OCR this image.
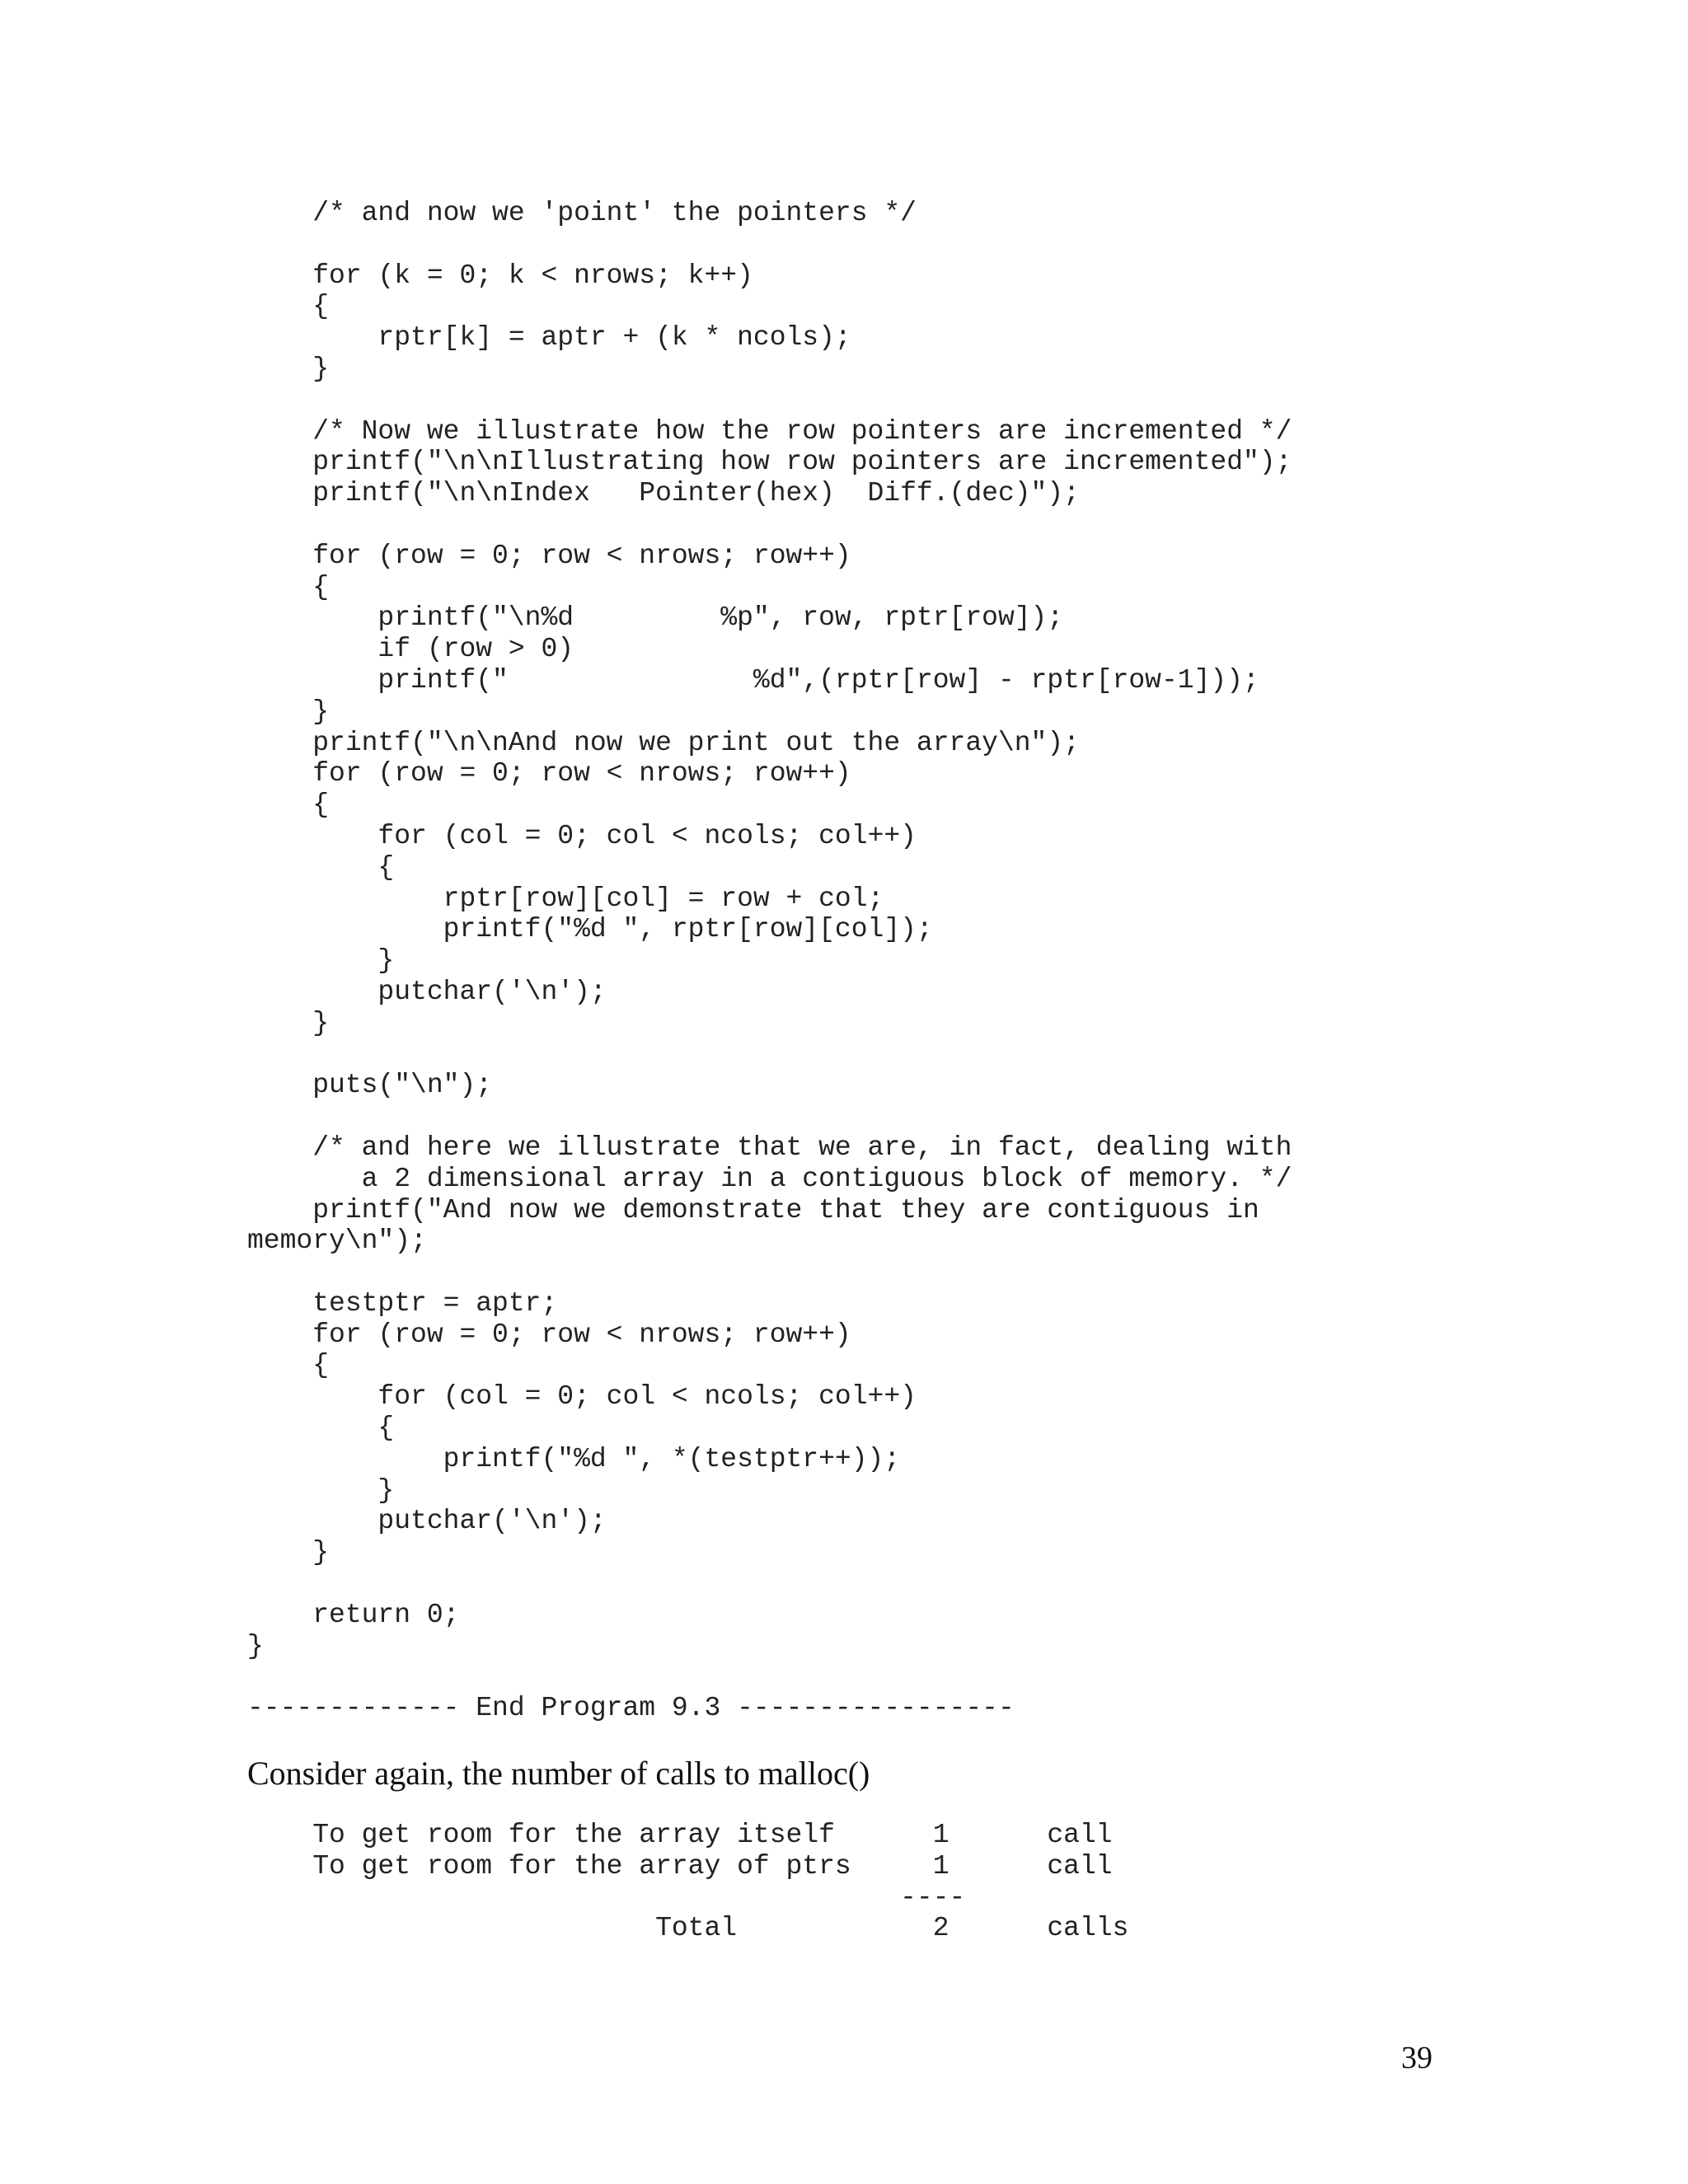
/* and now we 'point' the pointers */
for (k = 0; k < nrows; k++)
{
rptr[k] = aptr + (k * ncols);
}
/* Now we illustrate how the row pointers are incremented */
printf("\n\nIllustrating how row pointers are incremented");
printf("\n\nIndex   Pointer(hex)  Diff.(dec)");
for (row = 0; row < nrows; row++)
{
printf("\n%d         %p", row, rptr[row]);
if (row > 0)
printf("               %d",(rptr[row] - rptr[row-1]));
}
printf("\n\nAnd now we print out the array\n");
for (row = 0; row < nrows; row++)
{
for (col = 0; col < ncols; col++)
{
rptr[row][col] = row + col;
printf("%d ", rptr[row][col]);
}
putchar('\n');
}
puts("\n");
/* and here we illustrate that we are, in fact, dealing with
a 2 dimensional array in a contiguous block of memory. */
printf("And now we demonstrate that they are contiguous in
memory\n");
testptr = aptr;
for (row = 0; row < nrows; row++)
{
for (col = 0; col < ncols; col++)
{
printf("%d ", *(testptr++));
}
putchar('\n');
}
return 0;
}
------------- End Program 9.3 -----------------
Consider again, the number of calls to malloc()
To get room for the array itself      1      call
To get room for the array of ptrs     1      call
----
Total            2      calls
39
